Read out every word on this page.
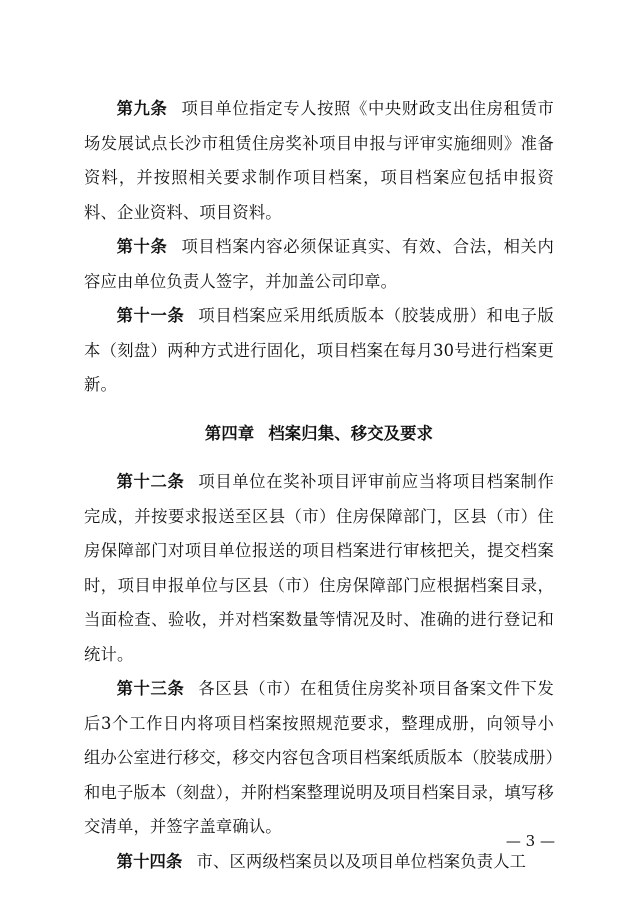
第九条 项目单位指定专人按照《中央财政支出住房租赁市场发展试点长沙市租赁住房奖补项目申报与评审实施细则》准备资料，并按照相关要求制作项目档案，项目档案应包括申报资料、企业资料、项目资料。

第十条 项目档案内容必须保证真实、有效、合法，相关内容应由单位负责人签字，并加盖公司印章。

第十一条 项目档案应采用纸质版本（胶装成册）和电子版本（刻盘）两种方式进行固化，项目档案在每月30号进行档案更新。

第四章 档案归集、移交及要求

第十二条 项目单位在奖补项目评审前应当将项目档案制作完成，并按要求报送至区县（市）住房保障部门，区县（市）住房保障部门对项目单位报送的项目档案进行审核把关，提交档案时，项目申报单位与区县（市）住房保障部门应根据档案目录，当面检查、验收，并对档案数量等情况及时、准确的进行登记和统计。

第十三条 各区县（市）在租赁住房奖补项目备案文件下发后3个工作日内将项目档案按照规范要求，整理成册，向领导小组办公室进行移交，移交内容包含项目档案纸质版本（胶装成册）和电子版本（刻盘），并附档案整理说明及项目档案目录，填写移交清单，并签字盖章确认。

第十四条 市、区两级档案员以及项目单位档案负责人工

— 3 —
